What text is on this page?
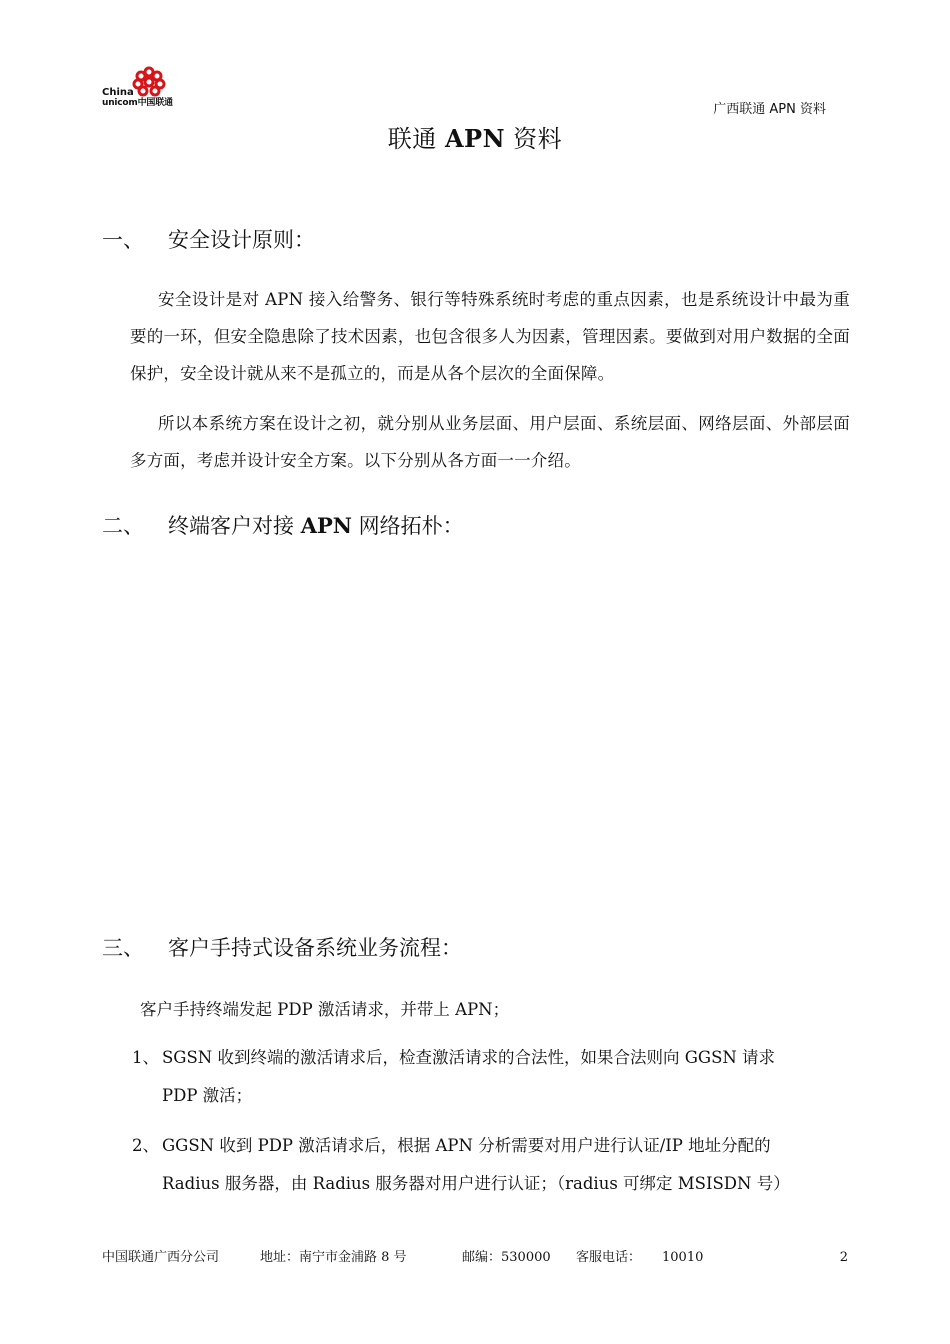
China
unicom中国联通	广西联通 APN 资料
联通 APN 资料
一、 安全设计原则：
安全设计是对 APN 接入给警务、银行等特殊系统时考虑的重点因素，也是系统设计中最为重要的一环，但安全隐患除了技术因素，也包含很多人为因素，管理因素。要做到对用户数据的全面保护，安全设计就从来不是孤立的，而是从各个层次的全面保障。
所以本系统方案在设计之初，就分别从业务层面、用户层面、系统层面、网络层面、外部层面多方面，考虑并设计安全方案。以下分别从各方面一一介绍。
二、 终端客户对接 APN 网络拓朴：
三、 客户手持式设备系统业务流程：
客户手持终端发起 PDP 激活请求，并带上 APN；
1、 SGSN 收到终端的激活请求后，检查激活请求的合法性，如果合法则向 GGSN 请求
PDP 激活；
2、 GGSN 收到 PDP 激活请求后，根据 APN 分析需要对用户进行认证/IP 地址分配的
Radius 服务器，由 Radius 服务器对用户进行认证；（radius 可绑定 MSISDN 号）
中国联通广西分公司	地址：南宁市金浦路 8 号	邮编：530000 客服电话： 10010	2
